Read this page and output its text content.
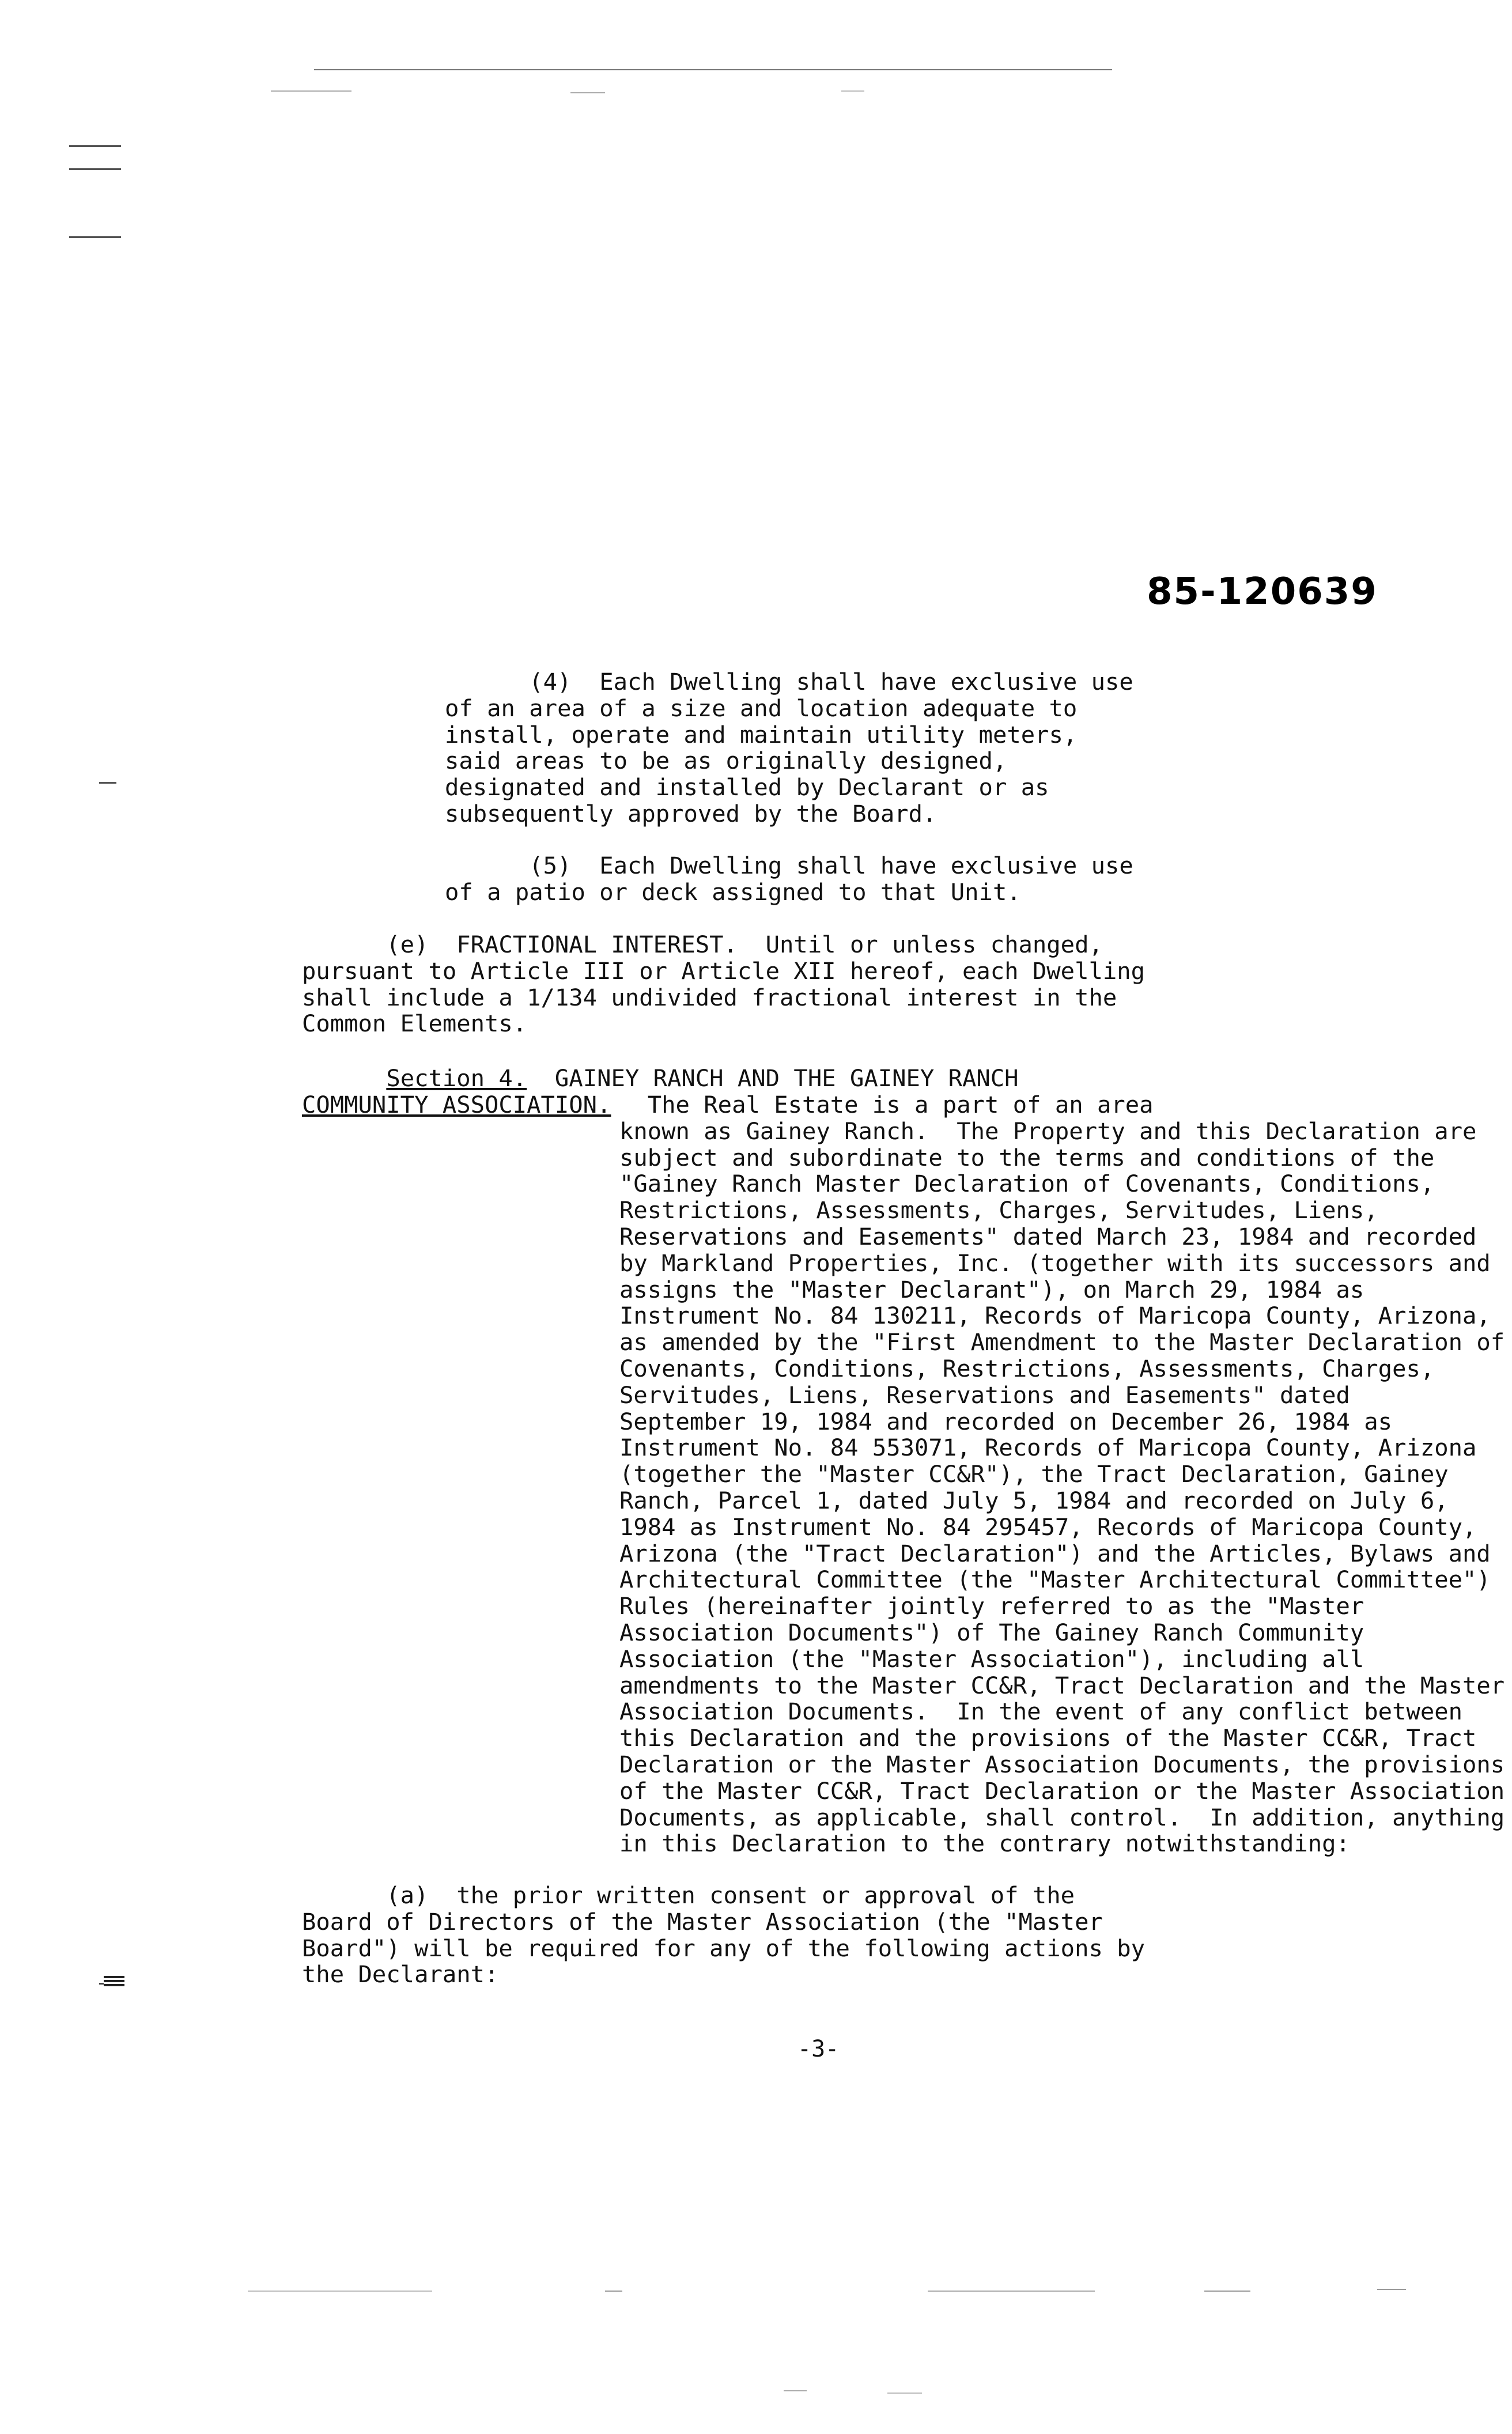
85-120639
(4)  Each Dwelling shall have exclusive use
of an area of a size and location adequate to
install, operate and maintain utility meters,
said areas to be as originally designed,
designated and installed by Declarant or as
subsequently approved by the Board.
(5)  Each Dwelling shall have exclusive use
of a patio or deck assigned to that Unit.
(e)  FRACTIONAL INTEREST.  Until or unless changed,
pursuant to Article III or Article XII hereof, each Dwelling
shall include a 1/134 undivided fractional interest in the
Common Elements.
Section 4.  GAINEY RANCH AND THE GAINEY RANCH
COMMUNITY ASSOCIATION.	The Real Estate is a part of an area
known as Gainey Ranch.  The Property and this Declaration are
subject and subordinate to the terms and conditions of the
"Gainey Ranch Master Declaration of Covenants, Conditions,
Restrictions, Assessments, Charges, Servitudes, Liens,
Reservations and Easements" dated March 23, 1984 and recorded
by Markland Properties, Inc. (together with its successors and
assigns the "Master Declarant"), on March 29, 1984 as
Instrument No. 84 130211, Records of Maricopa County, Arizona,
as amended by the "First Amendment to the Master Declaration of
Covenants, Conditions, Restrictions, Assessments, Charges,
Servitudes, Liens, Reservations and Easements" dated
September 19, 1984 and recorded on December 26, 1984 as
Instrument No. 84 553071, Records of Maricopa County, Arizona
(together the "Master CC&R"), the Tract Declaration, Gainey
Ranch, Parcel 1, dated July 5, 1984 and recorded on July 6,
1984 as Instrument No. 84 295457, Records of Maricopa County,
Arizona (the "Tract Declaration") and the Articles, Bylaws and
Architectural Committee (the "Master Architectural Committee")
Rules (hereinafter jointly referred to as the "Master
Association Documents") of The Gainey Ranch Community
Association (the "Master Association"), including all
amendments to the Master CC&R, Tract Declaration and the Master
Association Documents.  In the event of any conflict between
this Declaration and the provisions of the Master CC&R, Tract
Declaration or the Master Association Documents, the provisions
of the Master CC&R, Tract Declaration or the Master Association
Documents, as applicable, shall control.  In addition, anything
in this Declaration to the contrary notwithstanding:
(a)  the prior written consent or approval of the
Board of Directors of the Master Association (the "Master
Board") will be required for any of the following actions by
the Declarant:
-3-
